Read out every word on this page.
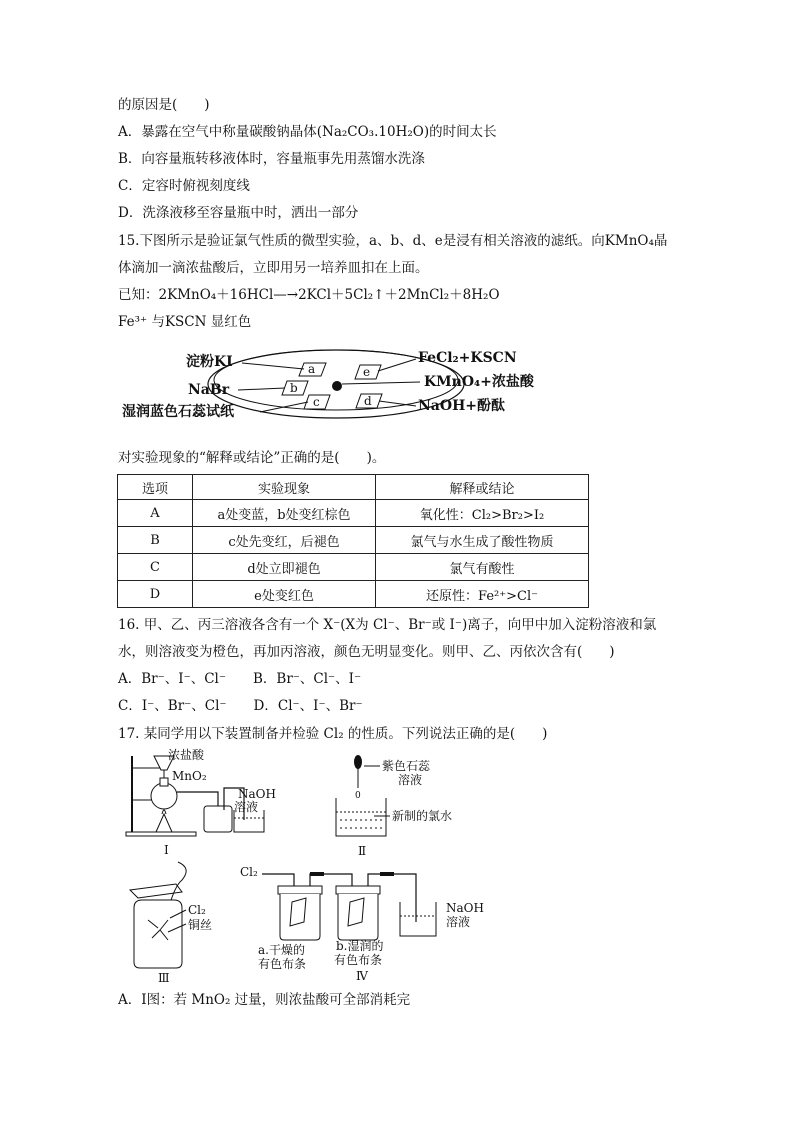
的原因是(　　)
A．暴露在空气中称量碳酸钠晶体(Na₂CO₃.10H₂O)的时间太长
B．向容量瓶转移液体时，容量瓶事先用蒸馏水洗涤
C．定容时俯视刻度线
D．洗涤液移至容量瓶中时，洒出一部分
15.下图所示是验证氯气性质的微型实验，a、b、d、e是浸有相关溶液的滤纸。向KMnO₄晶
体滴加一滴浓盐酸后，立即用另一培养皿扣在上面。
已知：2KMnO₄＋16HCl—→2KCl＋5Cl₂↑＋2MnCl₂＋8H₂O
Fe³⁺ 与KSCN 显红色
a
b
c	d
e
淀粉KI
NaBr
FeCl₂+KSCN
KMnO₄+浓盐酸
NaOH+酚酞
湿润蓝色石蕊试纸
对实验现象的“解释或结论”正确的是(　　)。
选项	实验现象	解释或结论
A	a处变蓝，b处变红棕色	氧化性：Cl₂>Br₂>I₂
B	c处先变红，后褪色	氯气与水生成了酸性物质
C	d处立即褪色	氯气有酸性
D	e处变红色	还原性：Fe²⁺>Cl⁻
16. 甲、乙、丙三溶液各含有一个 X⁻(X为 Cl⁻、Br⁻或 I⁻)离子，向甲中加入淀粉溶液和氯
水，则溶液变为橙色，再加丙溶液，颜色无明显变化。则甲、乙、丙依次含有(　　)
A．Br⁻、I⁻、Cl⁻　　B．Br⁻、Cl⁻、I⁻
C．I⁻、Br⁻、Cl⁻　　D．Cl⁻、I⁻、Br⁻
17. 某同学用以下装置制备并检验 Cl₂ 的性质。下列说法正确的是(　　)
浓盐酸
MnO₂
NaOH
溶液
Ⅰ
0
紫色石蕊
溶液
新制的氯水
Ⅱ
Cl₂
铜丝
Ⅲ
Cl₂
a.干燥的
有色布条
b.湿润的
有色布条
NaOH
溶液
Ⅳ
A．Ⅰ图：若 MnO₂ 过量，则浓盐酸可全部消耗完
